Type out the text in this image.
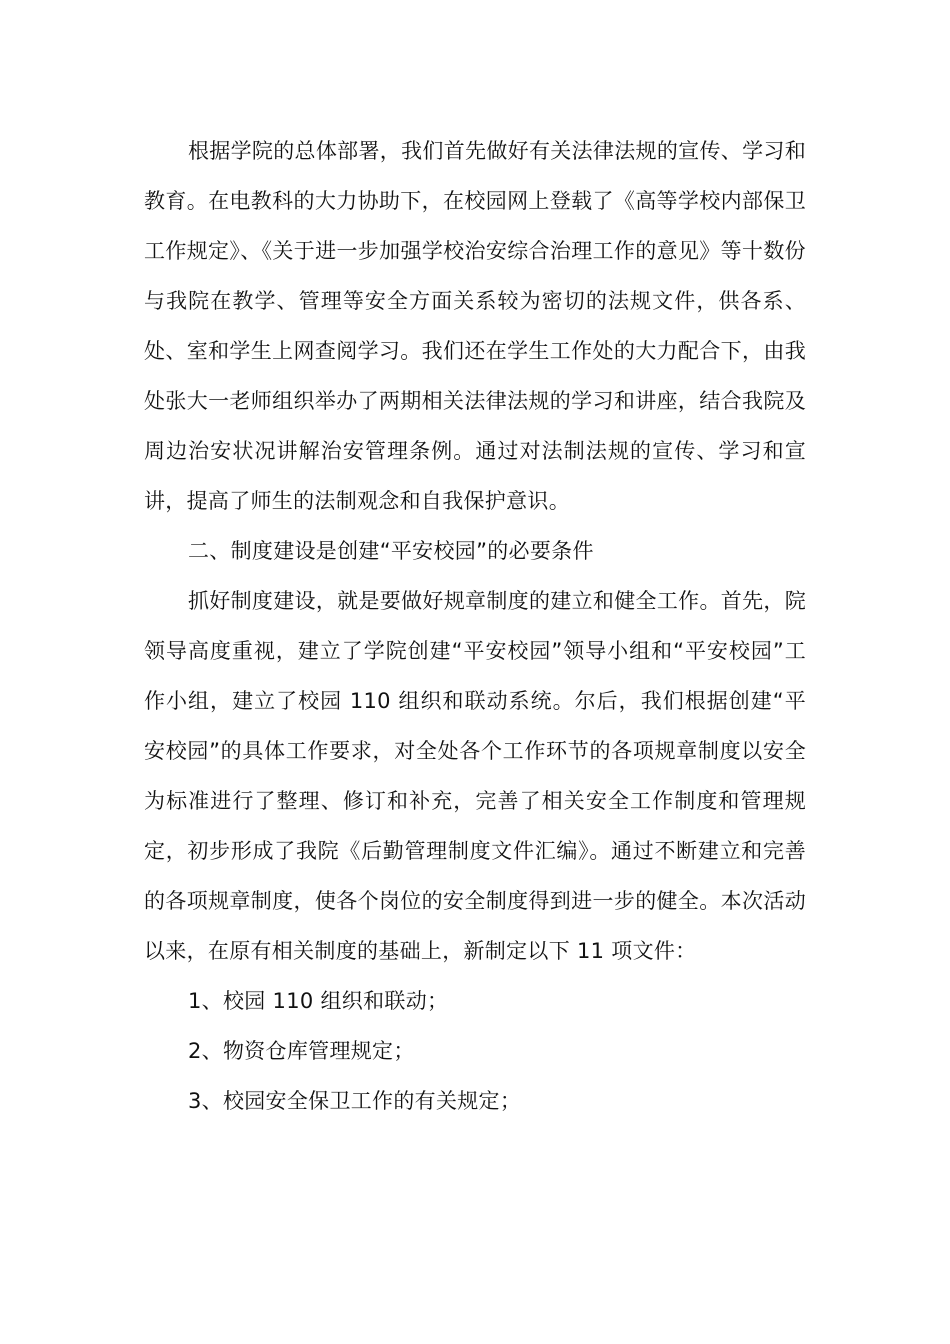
根据学院的总体部署，我们首先做好有关法律法规的宣传、学习和教育。在电教科的大力协助下，在校园网上登载了《高等学校内部保卫工作规定》、《关于进一步加强学校治安综合治理工作的意见》等十数份与我院在教学、管理等安全方面关系较为密切的法规文件，供各系、处、室和学生上网查阅学习。我们还在学生工作处的大力配合下，由我处张大一老师组织举办了两期相关法律法规的学习和讲座，结合我院及周边治安状况讲解治安管理条例。通过对法制法规的宣传、学习和宣讲，提高了师生的法制观念和自我保护意识。

二、制度建设是创建“平安校园”的必要条件

抓好制度建设，就是要做好规章制度的建立和健全工作。首先，院领导高度重视，建立了学院创建“平安校园”领导小组和“平安校园”工作小组，建立了校园 110 组织和联动系统。尔后，我们根据创建“平安校园”的具体工作要求，对全处各个工作环节的各项规章制度以安全为标准进行了整理、修订和补充，完善了相关安全工作制度和管理规定，初步形成了我院《后勤管理制度文件汇编》。通过不断建立和完善的各项规章制度，使各个岗位的安全制度得到进一步的健全。本次活动以来，在原有相关制度的基础上，新制定以下 11 项文件：

1、校园 110 组织和联动；
2、物资仓库管理规定；
3、校园安全保卫工作的有关规定；
